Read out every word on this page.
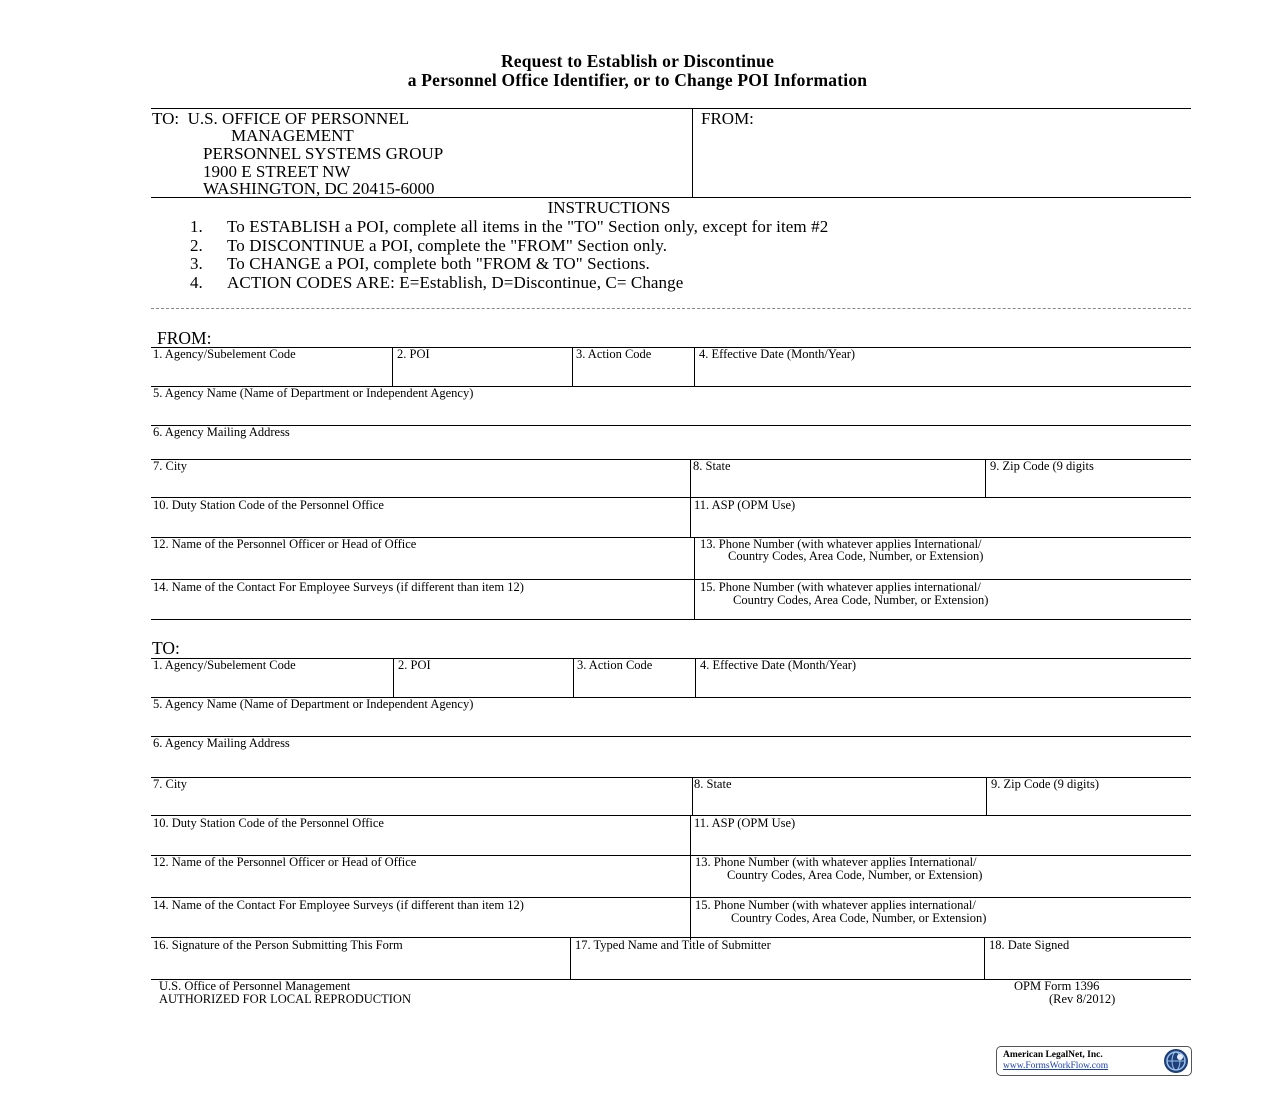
Request to Establish or Discontinue
a Personnel Office Identifier, or to Change POI Information
TO:  U.S. OFFICE OF PERSONNEL
MANAGEMENT
PERSONNEL SYSTEMS GROUP
1900 E STREET NW
WASHINGTON, DC 20415-6000
FROM:
INSTRUCTIONS
1. To ESTABLISH a POI, complete all items in the "TO" Section only, except for item #2
2. To DISCONTINUE a POI, complete the "FROM" Section only.
3. To CHANGE a POI, complete both "FROM & TO" Sections.
4. ACTION CODES ARE: E=Establish, D=Discontinue, C= Change
FROM:
1. Agency/Subelement Code	2. POI	3. Action Code	4. Effective Date (Month/Year)
5. Agency Name (Name of Department or Independent Agency)
6. Agency Mailing Address
7. City	8. State	9. Zip Code (9 digits
10. Duty Station Code of the Personnel Office	11. ASP (OPM Use)
12. Name of the Personnel Officer or Head of Office	13. Phone Number (with whatever applies International/
Country Codes, Area Code, Number, or Extension)
14. Name of the Contact For Employee Surveys (if different than item 12)	15. Phone Number (with whatever applies international/
Country Codes, Area Code, Number, or Extension)
TO:
1. Agency/Subelement Code	2. POI	3. Action Code	4. Effective Date (Month/Year)
5. Agency Name (Name of Department or Independent Agency)
6. Agency Mailing Address
7. City	8. State	9. Zip Code (9 digits)
10. Duty Station Code of the Personnel Office	11. ASP (OPM Use)
12. Name of the Personnel Officer or Head of Office	13. Phone Number (with whatever applies International/
Country Codes, Area Code, Number, or Extension)
14. Name of the Contact For Employee Surveys (if different than item 12)	15. Phone Number (with whatever applies international/
Country Codes, Area Code, Number, or Extension)
16. Signature of the Person Submitting This Form	17. Typed Name and Title of Submitter	18. Date Signed
U.S. Office of Personnel Management
AUTHORIZED FOR LOCAL REPRODUCTION
OPM Form 1396
(Rev 8/2012)
American LegalNet, Inc.
www.FormsWorkFlow.com
